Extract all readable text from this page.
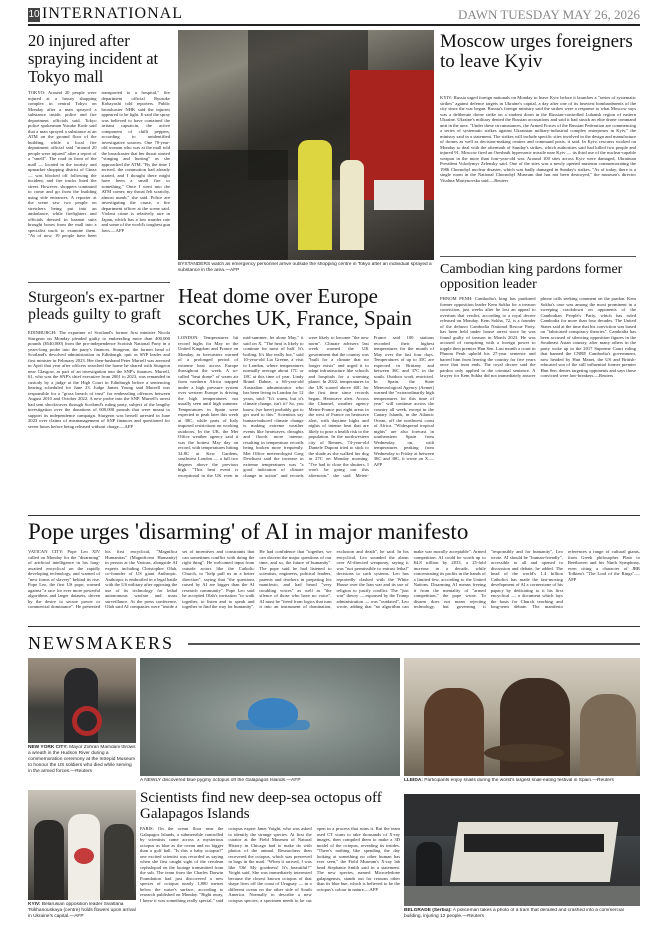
10 INTERNATIONAL	DAWN TUESDAY MAY 26, 2026
20 injured after spraying incident at Tokyo mall
TOKYO: Around 20 people were injured at a luxury shopping complex in central Tokyo on Monday after a man sprayed a substance inside, police and fire department officials said. Tokyo police spokesman Yusuke Kode said that a man sprayed a substance at an ATM on the ground floor of the building, while a local fire department official said "around 20 people were injured" after a report of a "smell". The road in front of the mall — located in the touristy and upmarket shopping district of Ginza — was blocked off following the incident, and fire trucks lined the street. However, shoppers continued to come and go from the building using side entrances. A reporter at the scene saw two people on stretchers being put into an ambulance, while firefighters and officials dressed in hazmat suits brought boxes from the mall into a specialist truck to examine them. "As of now, 19 people have been transported to a hospital," fire department official Ryusuke Kobayashi told reporters. Public broadcaster NHK said the injuries appeared to be light. It said the spray was believed to have contained the irritant capsaicin, the active component of chilli peppers, according to unidentified investigative sources. One 70-year-old woman who was at the mall told the broadcaster that her throat started "stinging and hurting" as she approached the ATM. "By the time I arrived, the commotion had already started, and I thought there might have been a small fire or something," Once I went into the ATM corner, my throat felt scratchy, almost numb," she said. Police are investigating the cause, a fire department officer at the scene said. Violent crime is relatively rare in Japan, which has a low murder rate and some of the world's toughest gun laws.—AFP
BYSTANDERS watch as emergency personnel arrive outside the shopping centre in Tokyo after an individual sprayed a substance in the area.—AFP
Moscow urges foreigners to leave Kyiv
KYIV: Russia urged foreign nationals on Monday to leave Kyiv before it launches a "series of systematic strikes" against defence targets in Ukraine's capital, a day after one of its heaviest bombardments of the city since the war began. Russia's foreign ministry said the strikes were a response to what Moscow says was a deliberate drone strike on a student dorm in the Russian-controlled Luhansk region of eastern Ukraine. Ukraine's military denied the Russian accusations and said it had struck an elite drone command unit in the area. "Under these circumstances, the Armed Forces of the Russian Federation are commencing a series of systematic strikes against Ukrainian military-industrial complex enterprises in Kyiv," the ministry said in a statement. The strikes will include specific sites involved in the design and manufacture of drones as well as decision-making centres and command posts, it said. In Kyiv, rescuers worked on Monday to deal with the aftermath of Sunday's strikes, which authorities said had killed two people and injured 91. Moscow fired an Oreshnik hypersonic missile near Kyiv — its third use of the nuclear-capable weapon in the more than four-year-old war. Around 100 sites across Kyiv were damaged, Ukrainian President Volodymyr Zelensky said. One of the sites was a newly opened museum commemorating the 1986 Chornobyl nuclear disaster, which was badly damaged in Sunday's strikes. "As of today, there is a single room in the National Chornobyl Museum that has not been destroyed," the museum's director Vitalina Martynovska said.—Reuters
Heat dome over Europe scorches UK, France, Spain
LONDON: Temperatures hit record highs for May in the United Kingdom and France on Monday, as forecasters warned of a prolonged period of extreme heat across Europe throughout the week. A so-called "heat dome" of warm air from northern Africa trapped under a high pressure system over western Europe is driving the high temperatures not usually seen until high summer. Temperatures in Spain were expected to peak later this week at 38C, while parts of Italy imposed restrictions on working outdoors. In the UK, the Met Office weather agency said it was the hottest May day on record, with temperatures hitting 34.8C at Kew Gardens, southwest London — a full two degrees above the previous high. "This heat event is exceptional in the UK even in mid-summer, let alone May," it said on X. "The heat is likely to continue for most of half. It's boiling. It's like really hot," said 10-year-old Lia Greene, a visit to London, where temperatures normally average about 17C or 18C at this time of year. Lindy Brand Dabne, a 66-year-old Australian administrator who has been living in London for 12 years, said: "It's warm, but it's climate change, isn't it? So, you know, (we have) probably got to get used to this." Scientists say human-induced climate change is making extreme weather events like heatwaves, droughts and floods more intense, resulting in temperature records being broken more frequently. Met Office meteorologist Greg Dewhurst said the increase in extreme temperatures was "a good indication of climate change in action" and records were likely to become "the new norm". Climate advisers last week warned the UK government that the country was "built for a climate that no longer exists" and urged it to adapt infrastructure like schools and hospitals for a warming planet. In 2022, temperatures in the UK soared above 40C for the first time since records began. Heatwave alert. Across the Channel, weather agency Meteo-France put eight areas in the west of France on heatwave alert, with daytime highs and nights of intense heat that are likely to pose a health risk to the population. In the northwestern city of Rennes, 74-year-old Daniele Dupont tried to stick to the shade as she walked her dog in 27C on Monday morning. "I've had to close the shutters, I won't be going out this afternoon," she said. Meteo-France said 100 stations recorded their highest temperatures for the month of May over the last four days. Temperatures of up to 35C are expected in Brittany and between 36C and 37C in the south. Outdoor work restricted. In Spain, the State Meteorological Agency (Aemet) warned the "extraordinarily high temperatures for this time of year" will continue across the country all week, except in the Canary Islands, in the Atlantic Ocean, off the northwest coast of Africa. "Widespread tropical nights" are also forecast in southeastern Spain from Wednesday on, with temperatures peaking from Wednesday to Friday at between 36C and 38C, it wrote on X.—AFP
Sturgeon's ex-partner pleads guilty to graft
EDINBURGH: The expartner of Scotland's former first minister Nicola Sturgeon on Monday pleaded guilty to embezzling more than 400,000 pounds ($540,000) from the pro-independence Scottish National Party in a years-long probe into the party's finances. Sturgeon, the former head of Scotland's devolved administration in Edinburgh, quit as SNP leader and first minister in February 2023. Her then-husband Peter Murrell was arrested in April that year after officers searched the home he shared with Sturgeon near Glasgow, as part of an investigation into the SNP's finances. Murrell, 61, who was the SNP's chief executive from 2001 to 2023, was remanded in custody by a judge at the High Court in Edinburgh before a sentencing hearing scheduled for June 23. Judge James Young said Murrell was responsible for a "gross breach of trust" for embezzling offences between August 2010 and October 2022. A new probe into the SNP. Murrell's arrest had sent shockwaves through Scotland's ruling party, subject of the lengthy investigation over the donations of 600,000 pounds that were meant to support its independence campaign. Sturgeon was herself arrested in June 2023 over claims of mismanagement of SNP finances and questioned for seven hours before being released without charge.—AFP
Cambodian king pardons former opposition leader
PHNOM PENH: Cambodia's king has pardoned former opposition leader Kem Sokha for a treason conviction, just weeks after he lost an appeal to overturn that verdict, according to a royal decree released on Monday. Kem Sokha, 72, is a founder of the defunct Cambodia National Rescue Party, has been held under house arrest since he was found guilty of treason in March 2023. He was accused of conspiring with a foreign power to topple then premier Hun Sen. Last month a court in Phnom Penh upheld his 27-year sentence and barred him from leaving the country for five years once that term ends. The royal decree said the pardon only applied to the criminal sentence. A lawyer for Kem Sokha did not immediately answer phone calls seeking comment on the pardon. Kem Sokha's case was among the most prominent in a sweeping crackdown on opponents of the Cambodian People's Party, which has ruled Cambodia for more than four decades. The United States said at the time that his conviction was based on "fabricated conspiracy theories". Cambodia has been accused of silencing opposition figures in the Southeast Asian country, after many others in the party woke up in the 2017 Supreme Court ruling that banned the CNRP. Cambodia's government, now headed by Hun Manet, the US and British-educated son of the still influential former premier Hun Sen, denies targeting opponents and says those convicted were law-breakers.—Reuters
Pope urges 'disarming' of AI in major manifesto
VATICAN CITY: Pope Leo XIV called on Monday for the "disarming" of artificial intelligence in his long-awaited encyclical on the rapidly developing technology, and warned of "new forms of slavery" behind its rise. Pope Leo, the first US pope, warned against "a race for ever more powerful algorithms and larger datasets, driven by the desire to secure power or commercial dominance". He presented his first encyclical, "Magnifica Humanitas" (Magnificent Humanity) in person at the Vatican, alongside AI experts including Christopher Olah, co-founder of US giant Anthropic. Anthropic is embroiled in a legal battle with the US military after opposing the use of its technology for lethal autonomous warfare and mass surveillance. At the press conference, Olah said AI companies were "inside a set of incentives and constraints that can sometimes conflict with doing the right thing". He welcomed input from outside actors like the Catholic Church, to "help pull us in a better direction", saying that "the questions raised by AI are bigger than the AI research community". Pope Leo said he accepted Olah's invitation "to walk together, to listen and to speak and together to find the way for humanity". He had confidence that "together, we can discern the major questions of our time, and so, the future of humanity". The pope said he had listened to scientists, engineers, political leaders, parents and teachers in preparing his manifesto, and had heard "very troubling voices" as well as "the silence of those who have no voice". AI must be "freed from logics that turn it into an instrument of domination, exclusion and death", he said. In his encyclical, Leo sounded the alarm over AI-directed weaponry, saying it was "not permissible to entrust lethal" decisions to such systems. Leo has reportedly clashed with the White House over the Iran war and its use of religion to justify conflict. The "just war" theory — espoused by the Trump administration — was "outdated", Leo wrote, adding that "no algorithm can make war morally acceptable". Armed competition. AI could be worth up to $4.8 trillion by 2033, a 25-fold increase in a decade, while concentrating its profits in the hands of a limited few, according to the United Nations. Disarming AI means freeing it from the mentality of "armed competition," the pope wrote. To disarm does not mean rejecting technology, but governing it "responsibly and for humanity", Leo wrote. AI should be "human-friendly", accessible to all and opened to discussion and debate, he added. The head of the world's 1.4 billion Catholics has made the fast-moving development of AI a cornerstone of his papacy by dedicating to it his first encyclical — a document which lays the basis for Church teaching and long-term debate. The manifesto references a range of cultural giants, from Greek philosopher Plato to Beethoven and his Ninth Symphony, even citing a character of JRR Tolkien's "The Lord of the Rings".—AFP
NEWSMAKERS
NEW YORK CITY: Mayor Zohran Mamdani throws a wreath in the Hudson River during a commemoration ceremony at the Intrepid Museum to honour the US soldiers who died while serving in the armed forces.—Reuters
KYIV: Belarusian opposition leader Sviatlana Tsikhanouskaya (centre) holds flowers upon arrival in Ukraine's capital.—AFP
A NEWLY discovered blue pygmy octopus off the Galapagos Islands.—AFP
Scientists find new deep-sea octopus off Galapagos Islands
PARIS: On the ocean floor near the Galapagos Islands, a submersible controlled by scientists came across a mysterious octopus as blue as the ocean and no bigger than a golf ball. "Is this a baby octopus?" one excited scientist was recorded as saying when she first caught sight of the cerulean cephalopod on the footage transmitted from the sub. The team from the Charles Darwin Foundation had just discovered a new species of octopus nearly 1,800 metres below the water's surface, according to research published on Monday. "Right away, I knew it was something really special," said octopus expert Janet Voight, who was asked to identify the strange species. At first the curator at the Field Museum of Natural History in Chicago had to make do with photos of the animal. Researchers then recovered the octopus, which was preserved in bags in the mail. "When it arrived, I was like 'Oh! My goodness! It's beautiful!'" Voight said. She was immediately interested because the closest known octopus of that shape lives off the coast of Uruguay — in a different ocean on the other side of South America. Normally to describe a new octopus species, a specimen needs to be cut open in a process that ruins it. But the team used CT scans to take thousands of X-ray images, then compiled them to make a 3D model of the octopus, revealing its insides. "There's nothing like spending the day looking at something no other human has ever seen," the Field Museum's X-ray lab head Stephanie Smith said in a statement. The new species, named Microeledone galapagensis, stands out for reasons other than its blue hue, which is believed to be the octopus's colour in nature.—AFP
LLEIDA: Participants enjoy snails during the world's largest snail-eating festival in Spain.—Reuters
BELGRADE (Serbia): A policeman takes a photo of a tram that derailed and crashed into a commercial building, injuring 12 people.—Reuters
